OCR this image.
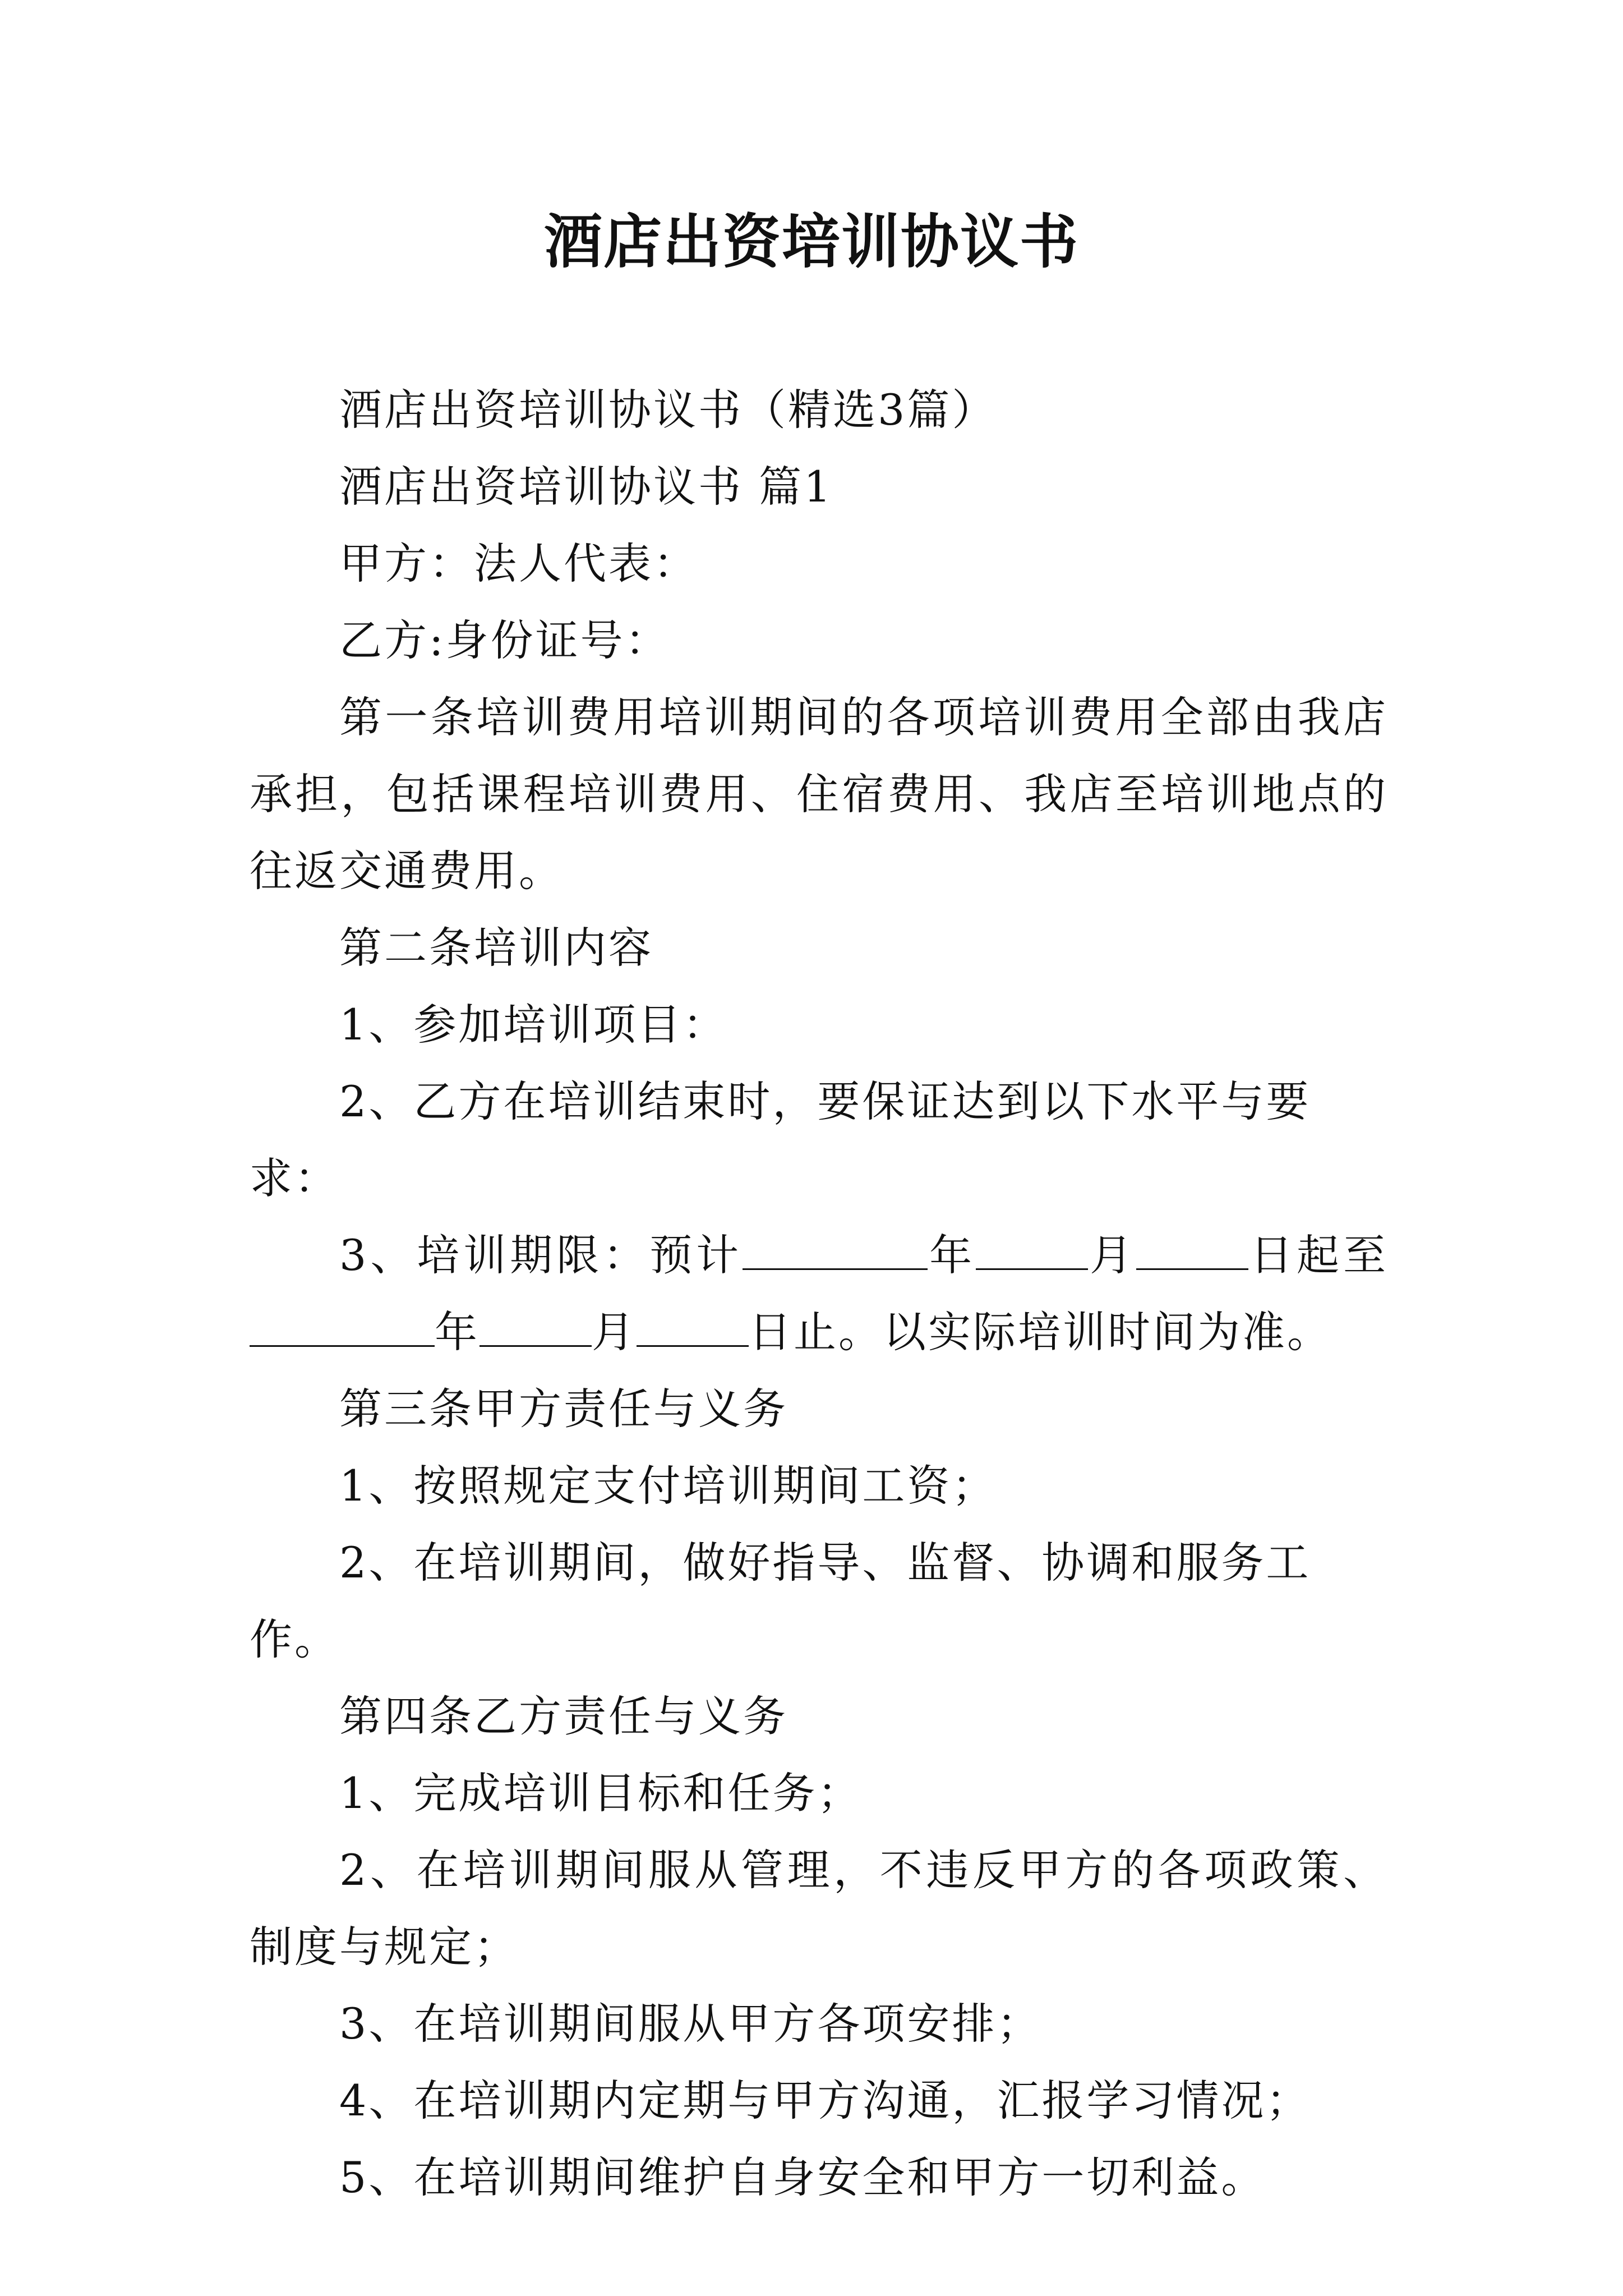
酒店出资培训协议书

酒店出资培训协议书（精选3篇）

酒店出资培训协议书 篇1

甲方：法人代表：

乙方:身份证号：

第一条培训费用培训期间的各项培训费用全部由我店承担，包括课程培训费用、住宿费用、我店至培训地点的往返交通费用。

第二条培训内容

1、参加培训项目：

2、乙方在培训结束时，要保证达到以下水平与要求：

3、培训期限：预计	年	月	日起至年	月	日止。以实际培训时间为准。

第三条甲方责任与义务

1、按照规定支付培训期间工资；

2、在培训期间，做好指导、监督、协调和服务工作。

第四条乙方责任与义务

1、完成培训目标和任务；

2、在培训期间服从管理，不违反甲方的各项政策、制度与规定；

3、在培训期间服从甲方各项安排；

4、在培训期内定期与甲方沟通，汇报学习情况；

5、在培训期间维护自身安全和甲方一切利益。
